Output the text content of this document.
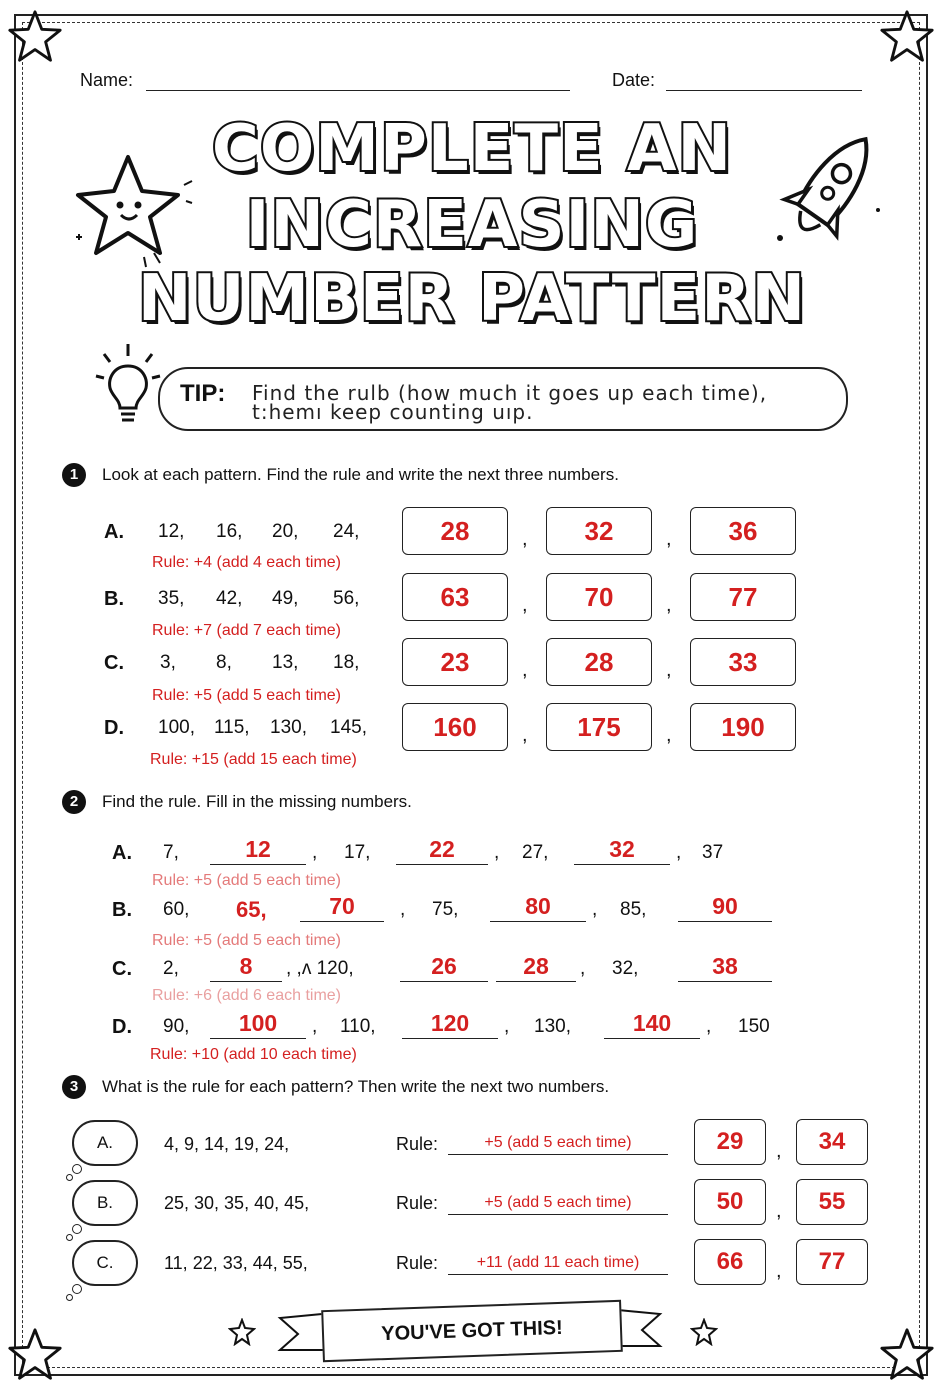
Name:	Date:
COMPLETE AN
INCREASING
NUMBER PATTERN
TIP: Find the rulb (how much it goes up each time),
t:hemı keep counting uıp.
1	Look at each pattern. Find the rule and write the next three numbers.
A. 12, 16, 20, 24,
Rule: +4 (add 4 each time)
28	,	32	,	36
B. 35, 42, 49, 56,
Rule: +7 (add 7 each time)
63	,	70	,	77
C. 3, 8, 13, 18,
Rule: +5 (add 5 each time)
23	,	28	,	33
D. 100, 115, 130, 145,
Rule: +15 (add 15 each time)
160	,	175	,	190
2	Find the rule. Fill in the missing numbers.
A. 7,	12	, 17,	22	, 27,	32	, 37
Rule: +5 (add 5 each time)
B. 60, 65,	70	, 75,	80	, 85,	90
Rule: +5 (add 5 each time)
C. 2,	8	, ,ʌ 120,	26	28	, 32,	38
Rule: +6 (add 6 each time)
D. 90,	100	, 110,	120	, 130,	140	, 150
Rule: +10 (add 10 each time)
3	What is the rule for each pattern? Then write the next two numbers.
A.	4, 9, 14, 19, 24,	Rule:	+5 (add 5 each time)	29	,	34
B.	25, 30, 35, 40, 45,	Rule:	+5 (add 5 each time)	50	,	55
C.	11, 22, 33, 44, 55,	Rule:	+11 (add 11 each time)	66	,	77
YOU'VE GOT THIS!
